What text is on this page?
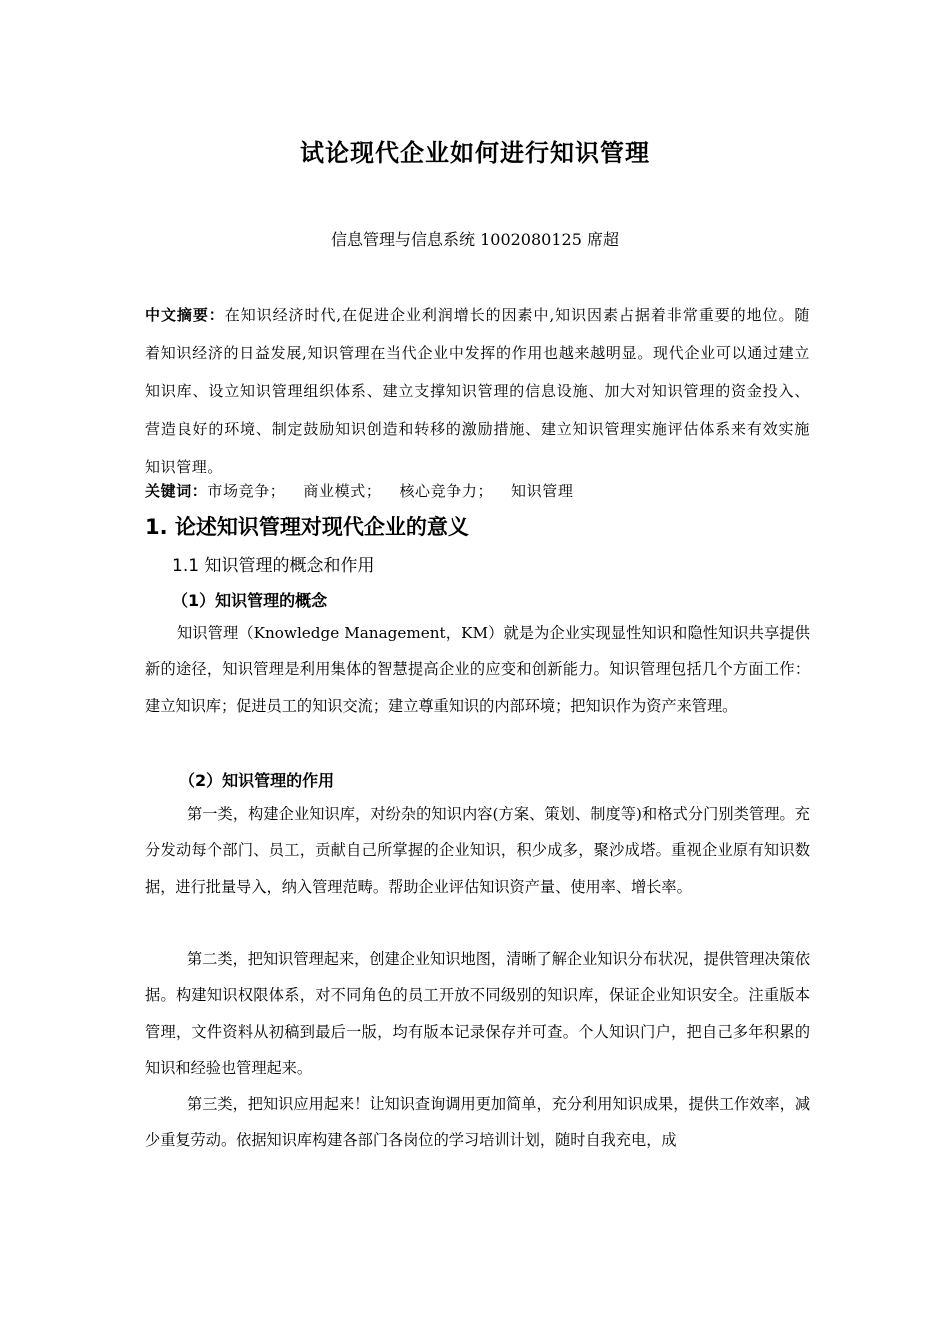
试论现代企业如何进行知识管理
信息管理与信息系统 1002080125 席超
中文摘要：在知识经济时代,在促进企业利润增长的因素中,知识因素占据着非常重要的地位。随着知识经济的日益发展,知识管理在当代企业中发挥的作用也越来越明显。现代企业可以通过建立知识库、设立知识管理组织体系、建立支撑知识管理的信息设施、加大对知识管理的资金投入、营造良好的环境、制定鼓励知识创造和转移的激励措施、建立知识管理实施评估体系来有效实施知识管理。
关键词：市场竞争； 商业模式； 核心竞争力； 知识管理
1. 论述知识管理对现代企业的意义
1.1 知识管理的概念和作用
（1）知识管理的概念
知识管理（Knowledge Management，KM）就是为企业实现显性知识和隐性知识共享提供新的途径，知识管理是利用集体的智慧提高企业的应变和创新能力。知识管理包括几个方面工作：建立知识库；促进员工的知识交流；建立尊重知识的内部环境；把知识作为资产来管理。
（2）知识管理的作用
第一类，构建企业知识库，对纷杂的知识内容(方案、策划、制度等)和格式分门别类管理。充分发动每个部门、员工，贡献自己所掌握的企业知识，积少成多，聚沙成塔。重视企业原有知识数据，进行批量导入，纳入管理范畴。帮助企业评估知识资产量、使用率、增长率。
第二类，把知识管理起来，创建企业知识地图，清晰了解企业知识分布状况，提供管理决策依据。构建知识权限体系，对不同角色的员工开放不同级别的知识库，保证企业知识安全。注重版本管理，文件资料从初稿到最后一版，均有版本记录保存并可查。个人知识门户，把自己多年积累的知识和经验也管理起来。
第三类，把知识应用起来！让知识查询调用更加简单，充分利用知识成果，提供工作效率，减少重复劳动。依据知识库构建各部门各岗位的学习培训计划，随时自我充电，成
